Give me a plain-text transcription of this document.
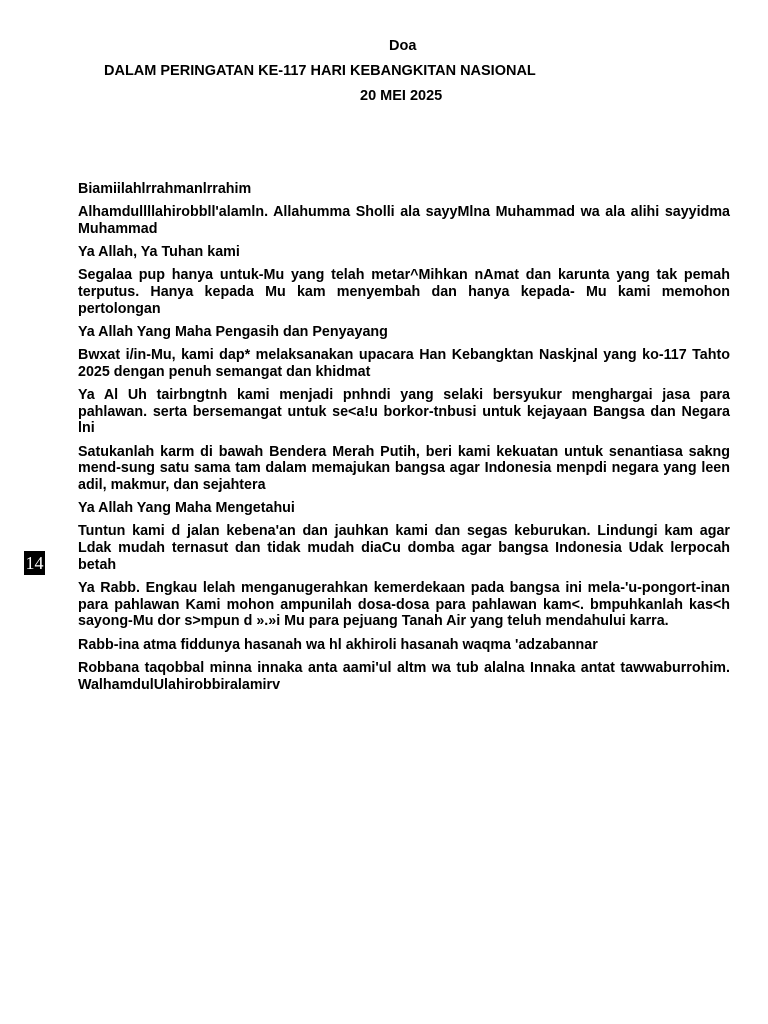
Doa
DALAM PERINGATAN KE-117 HARI KEBANGKITAN NASIONAL
20 MEI 2025

Biamiilahlrrahmanlrrahim

Alhamdullllahirobbll'alamln. Allahumma Sholli ala sayyMlna Muhammad wa ala alihi sayyidma Muhammad

Ya Allah, Ya Tuhan kami

Segalaa pup hanya untuk-Mu yang telah metar^Mihkan nAmat dan karunta yang tak pemah terputus. Hanya kepada Mu kam menyembah dan hanya kepada- Mu kami memohon pertolongan

Ya Allah Yang Maha Pengasih dan Penyayang

Bwxat i/in-Mu, kami dap* melaksanakan upacara Han Kebangktan Naskjnal yang ko-117 Tahto 2025 dengan penuh semangat dan khidmat

Ya Al Uh tairbngtnh kami menjadi pnhndi yang selaki bersyukur menghargai jasa para pahlawan. serta bersemangat untuk se<a!u borkor-tnbusi untuk kejayaan Bangsa dan Negara lni

Satukanlah karm di bawah Bendera Merah Putih, beri kami kekuatan untuk senantiasa sakng mend-sung satu sama tam dalam memajukan bangsa agar Indonesia menpdi negara yang leen adil, makmur, dan sejahtera

Ya Allah Yang Maha Mengetahui

Tuntun kami d jalan kebena'an dan jauhkan kami dan segas keburukan. Lindungi kam agar Ldak mudah ternasut dan tidak mudah diaCu domba agar bangsa Indonesia Udak lerpocah betah

Ya Rabb. Engkau lelah menganugerahkan kemerdekaan pada bangsa ini mela-'u-pongort-inan para pahlawan Kami mohon ampunilah dosa-dosa para pahlawan kam<. bmpuhkanlah kas<h sayong-Mu dor s>mpun d ».»i Mu para pejuang Tanah Air yang teluh mendahului karra.

Rabb-ina atma fiddunya hasanah wa hl akhiroli hasanah waqma 'adzabannar

Robbana taqobbal minna innaka anta aami'ul altm wa tub alalna Innaka antat tawwaburrohim. WalhamdulUlahirobbiralamirv

14
